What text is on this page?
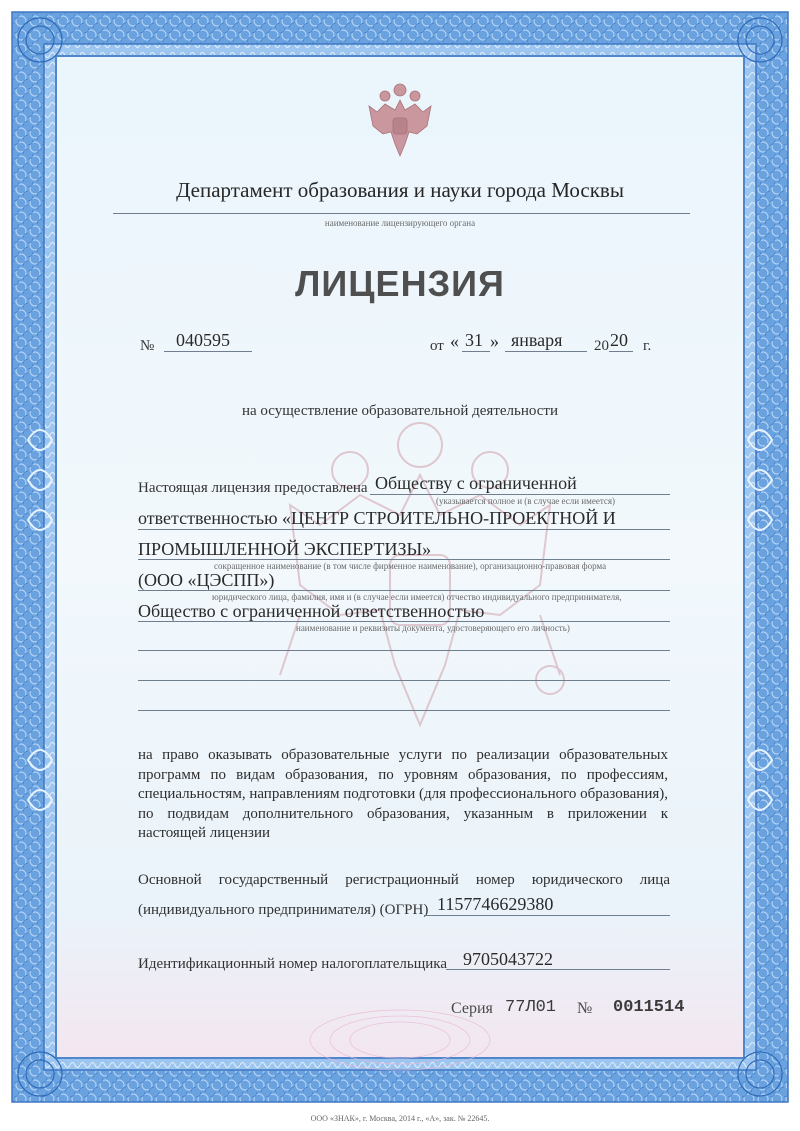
Департамент образования и науки города Москвы
наименование лицензирующего органа
ЛИЦЕНЗИЯ
№ 040595	от « 31 » января 20 20 г.
на осуществление образовательной деятельности
Настоящая лицензия предоставлена Обществу с ограниченной
(указывается полное и (в случае если имеется)
ответственностью «ЦЕНТР СТРОИТЕЛЬНО-ПРОЕКТНОЙ И
ПРОМЫШЛЕННОЙ ЭКСПЕРТИЗЫ»
сокращенное наименование (в том числе фирменное наименование), организационно-правовая форма
(ООО «ЦЭСПП»)
юридического лица, фамилия, имя и (в случае если имеется) отчество индивидуального предпринимателя,
Общество с ограниченной ответственностью
наименование и реквизиты документа, удостоверяющего его личность)
на право оказывать образовательные услуги по реализации образовательных программ по видам образования, по уровням образования, по профессиям, специальностям, направлениям подготовки (для профессионального образования), по подвидам дополнительного образования, указанным в приложении к настоящей лицензии
Основной государственный регистрационный номер юридического лица
(индивидуального предпринимателя) (ОГРН) 1157746629380
Идентификационный номер налогоплательщика 9705043722
Серия 77Л01 № 0011514
ООО «ЗНАК», г. Москва, 2014 г., «А», зак. № 22645.
